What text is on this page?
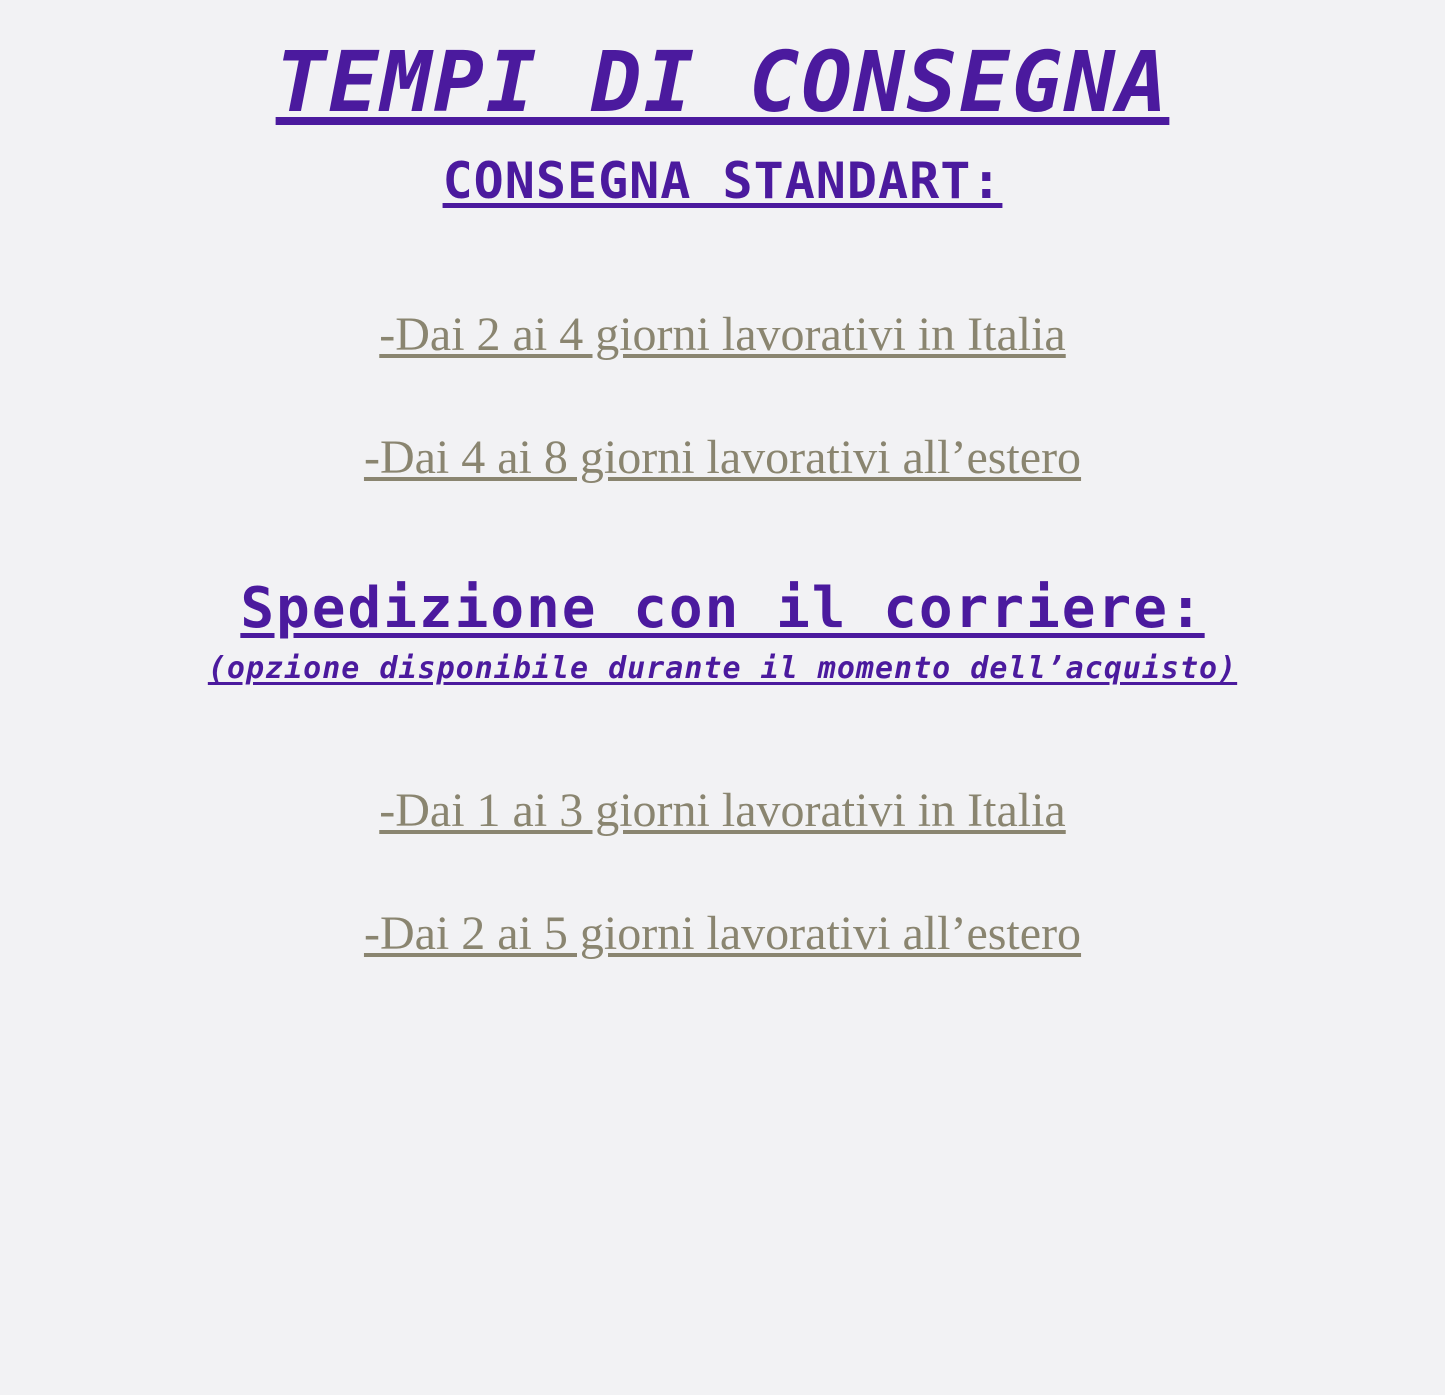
TEMPI DI CONSEGNA
CONSEGNA STANDART:

-Dai 2 ai 4 giorni lavorativi in Italia

-Dai 4 ai 8 giorni lavorativi all’estero

Spedizione con il corriere:

(opzione disponibile durante il momento dell’acquisto)

-Dai 1 ai 3 giorni lavorativi in Italia

-Dai 2 ai 5 giorni lavorativi all’estero
